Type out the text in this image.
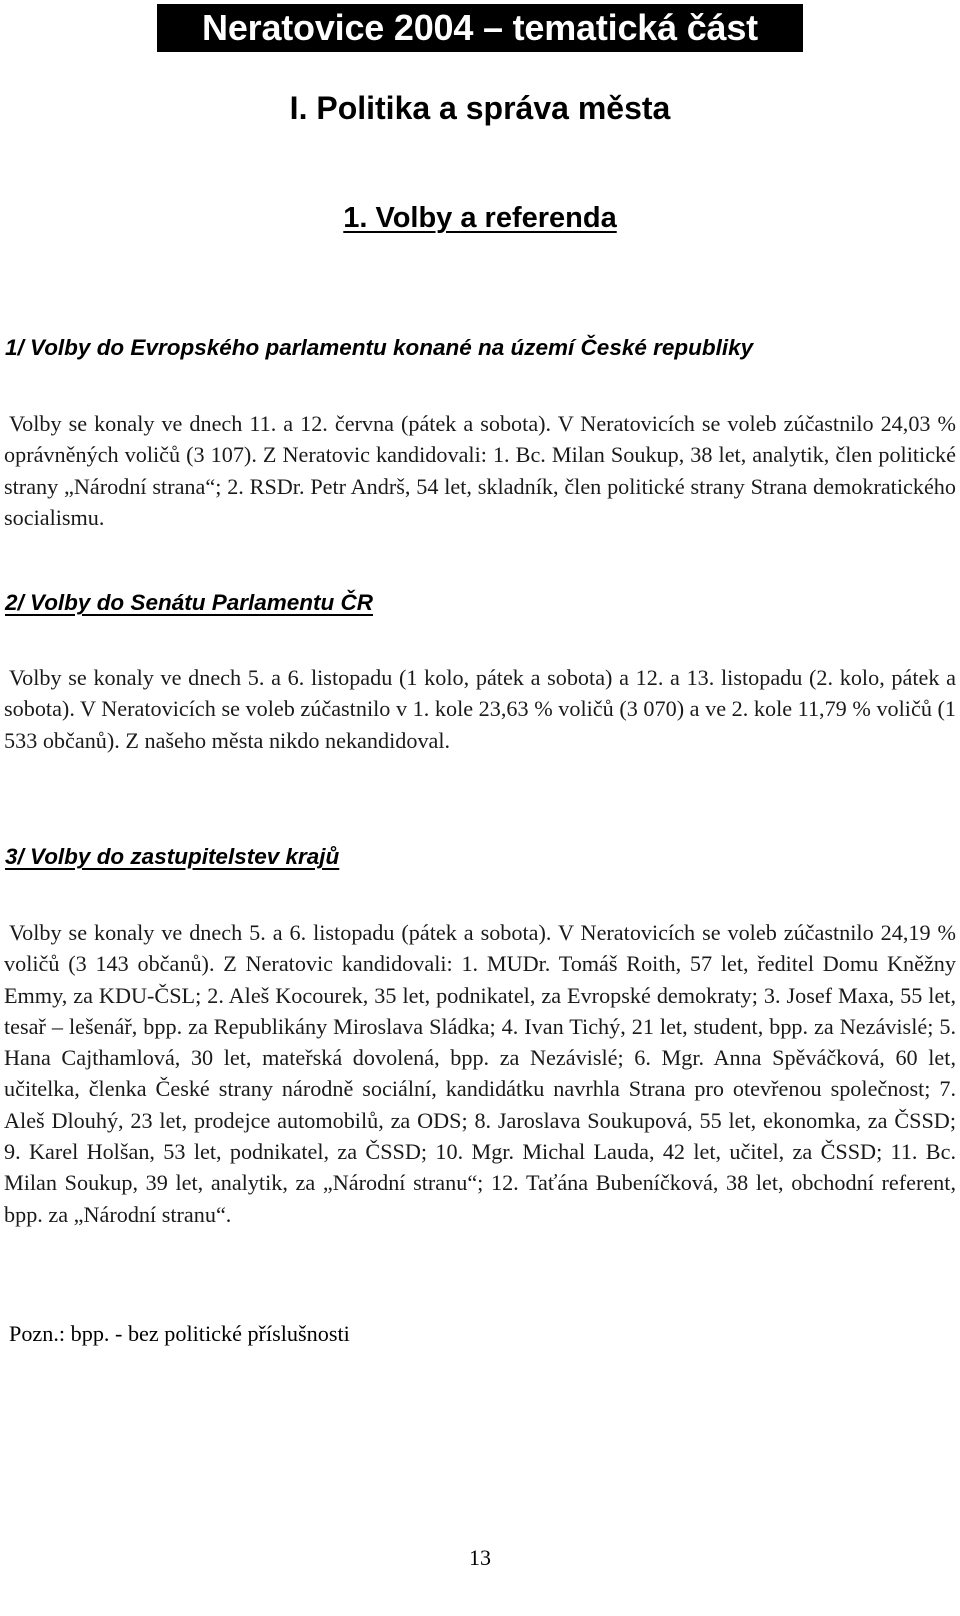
Neratovice 2004 – tematická část
I. Politika a správa města
1. Volby a referenda
1/ Volby do Evropského parlamentu konané na území České republiky
Volby se konaly ve dnech 11. a 12. června (pátek a sobota). V Neratovicích se voleb zúčastnilo 24,03 % oprávněných voličů (3 107). Z Neratovic kandidovali: 1. Bc. Milan Soukup, 38 let, analytik, člen politické strany „Národní strana“; 2. RSDr. Petr Andrš, 54 let, skladník, člen politické strany Strana demokratického socialismu.
2/ Volby do Senátu Parlamentu ČR
Volby se konaly ve dnech 5. a 6. listopadu (1 kolo, pátek a sobota) a 12. a 13. listopadu (2. kolo, pátek a sobota). V Neratovicích se voleb zúčastnilo v 1. kole 23,63 % voličů (3 070) a ve 2. kole 11,79 % voličů (1 533 občanů). Z našeho města nikdo nekandidoval.
3/ Volby do zastupitelstev krajů
Volby se konaly ve dnech 5. a 6. listopadu (pátek a sobota). V Neratovicích se voleb zúčastnilo 24,19 % voličů (3 143 občanů). Z Neratovic kandidovali: 1. MUDr. Tomáš Roith, 57 let, ředitel Domu Kněžny Emmy, za KDU-ČSL; 2. Aleš Kocourek, 35 let, podnikatel, za Evropské demokraty; 3. Josef Maxa, 55 let, tesař – lešenář, bpp. za Republikány Miroslava Sládka; 4. Ivan Tichý, 21 let, student, bpp. za Nezávislé; 5. Hana Cajthamlová, 30 let, mateřská dovolená, bpp. za Nezávislé; 6. Mgr. Anna Spěváčková, 60 let, učitelka, členka České strany národně sociální, kandidátku navrhla Strana pro otevřenou společnost; 7. Aleš Dlouhý, 23 let, prodejce automobilů, za ODS; 8. Jaroslava Soukupová, 55 let, ekonomka, za ČSSD; 9. Karel Holšan, 53 let, podnikatel, za ČSSD; 10. Mgr. Michal Lauda, 42 let, učitel, za ČSSD; 11. Bc. Milan Soukup, 39 let, analytik, za „Národní stranu“; 12. Taťána Bubeníčková, 38 let, obchodní referent, bpp. za „Národní stranu“.
Pozn.: bpp. - bez politické příslušnosti
13
